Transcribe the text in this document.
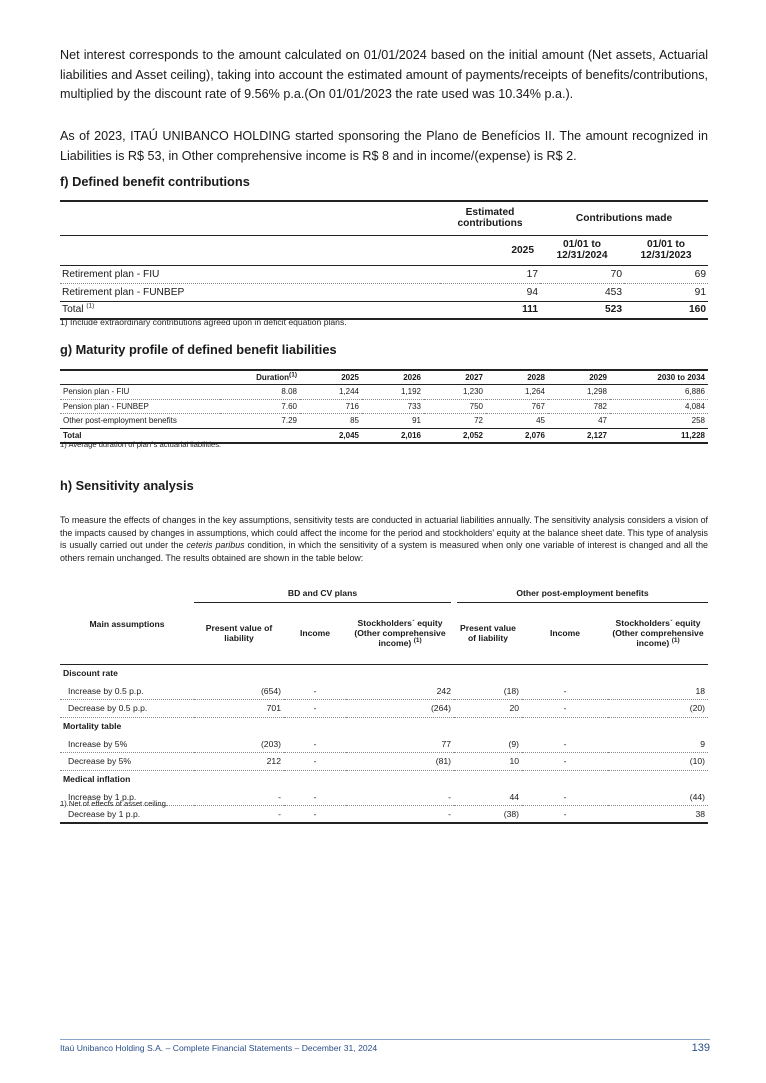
Net interest corresponds to the amount calculated on 01/01/2024 based on the initial amount (Net assets, Actuarial liabilities and Asset ceiling), taking into account the estimated amount of payments/receipts of benefits/contributions, multiplied by the discount rate of 9.56% p.a.(On 01/01/2023 the rate used was 10.34% p.a.).

As of 2023, ITAÚ UNIBANCO HOLDING started sponsoring the Plano de Benefícios II. The amount recognized in Liabilities is R$ 53, in Other comprehensive income is R$ 8 and in income/(expense) is R$ 2.

f) Defined benefit contributions
	Estimated contributions	Contributions made	
	2025	01/01 to 12/31/2024	01/01 to 12/31/2023
Retirement plan - FIU	17	70	69
Retirement plan - FUNBEP	94	453	91
Total $^{(1)}$	111	523	160
1) Include extraordinary contributions agreed upon in deficit equation plans.
g) Maturity profile of defined benefit liabilities
	Duration$^{(1)}$	2025	2026	2027	2028	2029	2030 to 2034
Pension plan - FIU	8.08	1,244	1,192	1,230	1,264	1,298	6,886
Pension plan - FUNBEP	7.60	716	733	750	767	782	4,084
Other post-employment benefits	7.29	85	91	72	45	47	258
Total		2,045	2,016	2,052	2,076	2,127	11,228
1) Average duration of plan´s actuarial liabilities.
h) Sensitivity analysis

To measure the effects of changes in the key assumptions, sensitivity tests are conducted in actuarial liabilities annually. The sensitivity analysis considers a vision of the impacts caused by changes in assumptions, which could affect the income for the period and stockholders' equity at the balance sheet date. This type of analysis is usually carried out under the ceteris paribus condition, in which the sensitivity of a system is measured when only one variable of interest is changed and all the others remain unchanged. The results obtained are shown in the table below:

Main assumptions	BD and CV plans			Other post-employment benefits		
	Present value of liability	Income	Stockholders´ equity (Other comprehensive income) $^{(1)}$	Present value of liability	Income	Stockholders´ equity (Other comprehensive income) $^{(1)}$
Discount rate						
Increase by 0.5 p.p.	(654)	-	242	(18)	-	18
Decrease by 0.5 p.p.	701	-	(264)	20	-	(20)
Mortality table						
Increase by 5%	(203)	-	77	(9)	-	9
Decrease by 5%	212	-	(81)	10	-	(10)
Medical inflation						
Increase by 1 p.p.	-	-	-	44	-	(44)
Decrease by 1 p.p.	-	-	-	(38)	-	38
1) Net of effects of asset ceiling.
Itaú Unibanco Holding S.A. – Complete Financial Statements – December 31, 2024	139
